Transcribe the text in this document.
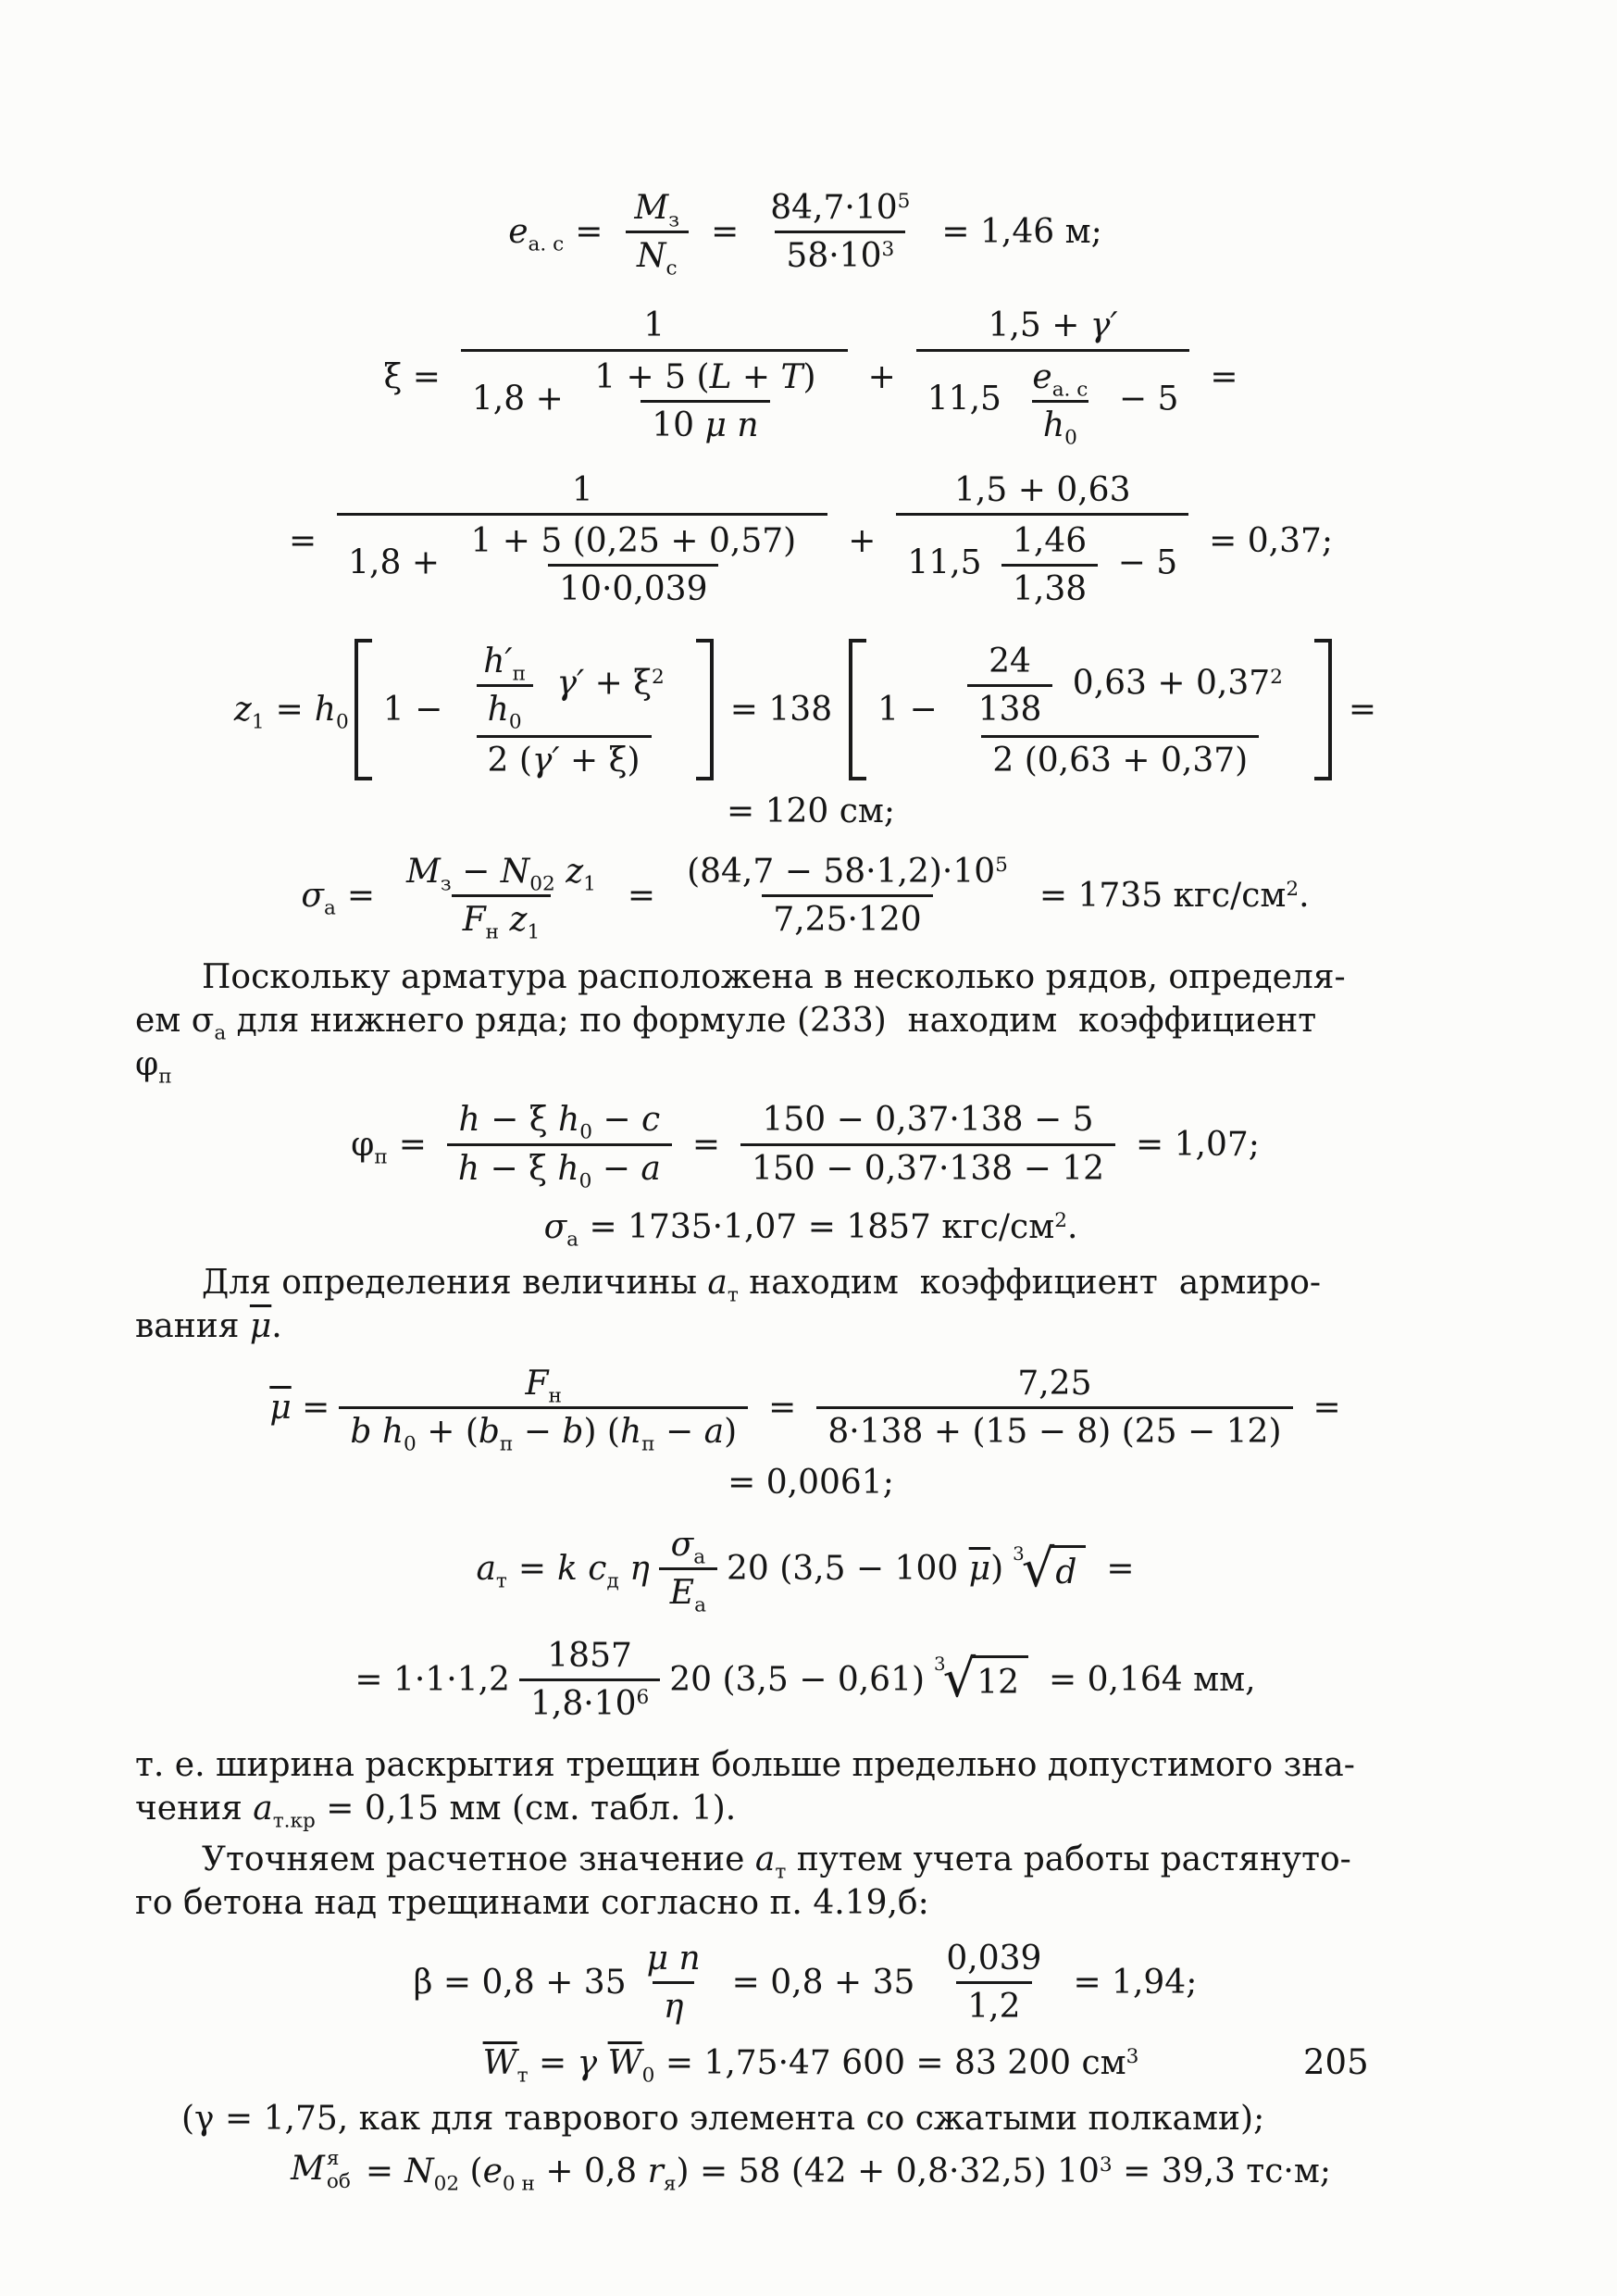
$e_{а. с}$ =
$M_з$
$N_с$
= $\frac{84,7\cdot 10^5}{58\cdot 10^3} = 1,46$ м;
$\xi = \frac{1}{1,8 + \frac{1 + 5 (L + T)}{\text{10 μ n}}}$ +
1,5 + γ′
11,5
$e_{а. с}$
$h_0$
− 5
=
= $\frac{1}{1,8 + \frac{1 + 5 (0,25 + 0,57)}{10\cdot 0,039}} + \frac{1,5 + 0,63}{11,5 \frac{1,46}{1,38} - 5} = 0,37$;
$z_1 = h_0$ 1 −
$h'_п$
$h_0$
$\gamma' + \xi^2$
2 (γ′ + ξ)
= 138 $1 - \frac{\frac{24}{138} 0,63 + 0,37^2}{2 (0,63 + 0,37)}$ =
= 120 см;
$\sigma_а$ =
$M_з - N_{02}$ $z_1$
$F_н$ $z_1$
= $\frac{(84,7 - 58\cdot 1,2)\cdot 10^5}{7,25\cdot 120} = 1735$ кгс/$см^2$.
Поскольку арматура расположена в несколько рядов, определя-
ем $\sigma_а$ для нижнего ряда; по формуле (233)  находим  коэффициент
$\varphi_п$
$\varphi_п = \frac{h - \xi h_0 - c}{h - \xi h_0 - a} = \frac{150 - 0,37\cdot 138 - 5}{150 - 0,37\cdot 138 - 12} = 1,07$;
$\sigma_а = 1735\cdot 1,07 = 1857$ кгс/$см^2$.
Для определения величины $a_т$ находим  коэффициент  армиро-
вания $\overline{\mu}$.
$\overline{\mu}$ =
$F_н$
b $h_0 + (b_п - b) (h_п - a)$
= $\frac{7,25}{8\cdot 138 + (15 - 8) (25 - 12)}$ =
= 0,0061;
$a_т = k$ $c_д$ η
$\sigma_а$
$E_а$
20 (3,5 − 100 $\overline{\mu}$) $^3$
√ d =
= 1·1·1,2
1857
$1,8\cdot 10^6$ 20 (3,5 − 0,61) $^3$
√ 12 = 0,164 мм,
т. е. ширина раскрытия трещин больше предельно допустимого зна-
чения $a_{т.кр} = 0,15$ мм (см. табл. 1).
Уточняем расчетное значение $a_т$ путем учета работы растянуто-
го бетона над трещинами согласно п. 4.19,б:
$\beta = 0,8 + 35 \frac{\text{μ n}}{\eta} = 0,8 + 35 \frac{0,039}{1,2} = 1,94$;
$\overline{W}_т = \gamma$ $\overline{W}_0 = 1,75\cdot 47$ 600 = 83 200 $см^3$
(γ = 1,75, как для таврового элемента со сжатыми полками);
M я
об = $N_{02}$ ($e_{0 н} + 0,8$ $r_я) = 58$ (42 + 0,8·32,5) $10^3 = 39,3$ тс·м;
205
